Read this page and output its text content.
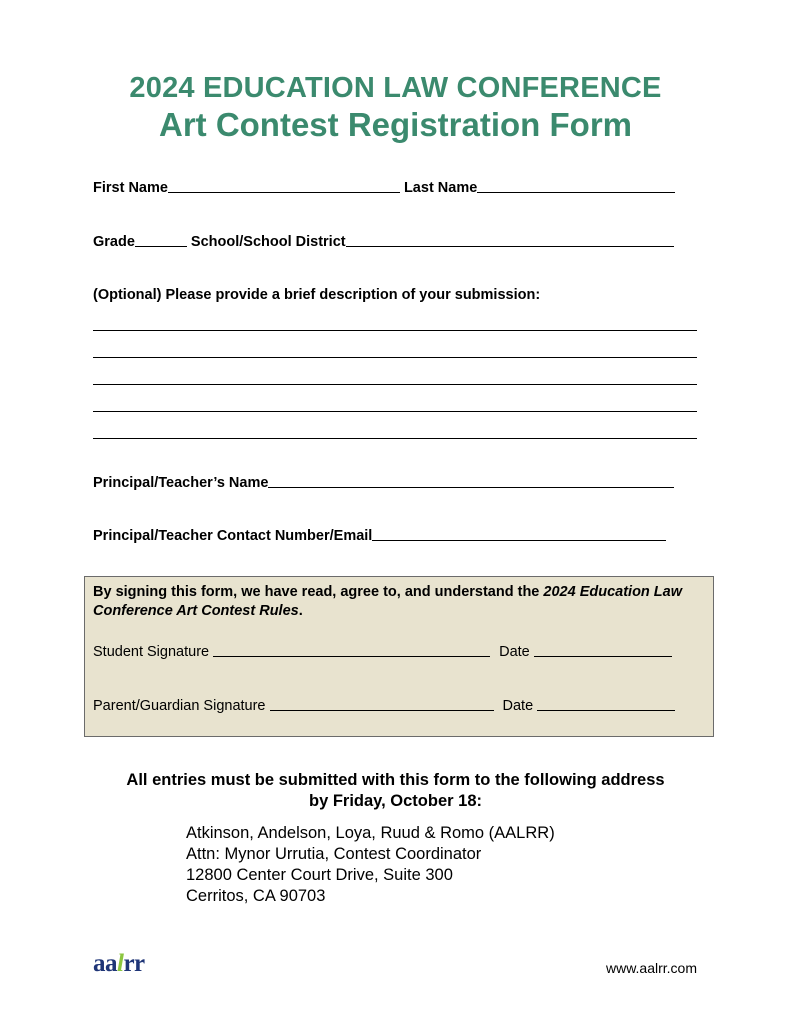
2024 EDUCATION LAW CONFERENCE
Art Contest Registration Form
First Name	Last Name
Grade	School/School District
(Optional) Please provide a brief description of your submission:
Principal/Teacher’s Name
Principal/Teacher Contact Number/Email
By signing this form, we have read, agree to, and understand the 2024 Education Law Conference Art Contest Rules.
Student Signature	Date
Parent/Guardian Signature	Date
All entries must be submitted with this form to the following address
by Friday, October 18:
Atkinson, Andelson, Loya, Ruud & Romo (AALRR)
Attn: Mynor Urrutia, Contest Coordinator
12800 Center Court Drive, Suite 300
Cerritos, CA 90703
aalrr	www.aalrr.com
